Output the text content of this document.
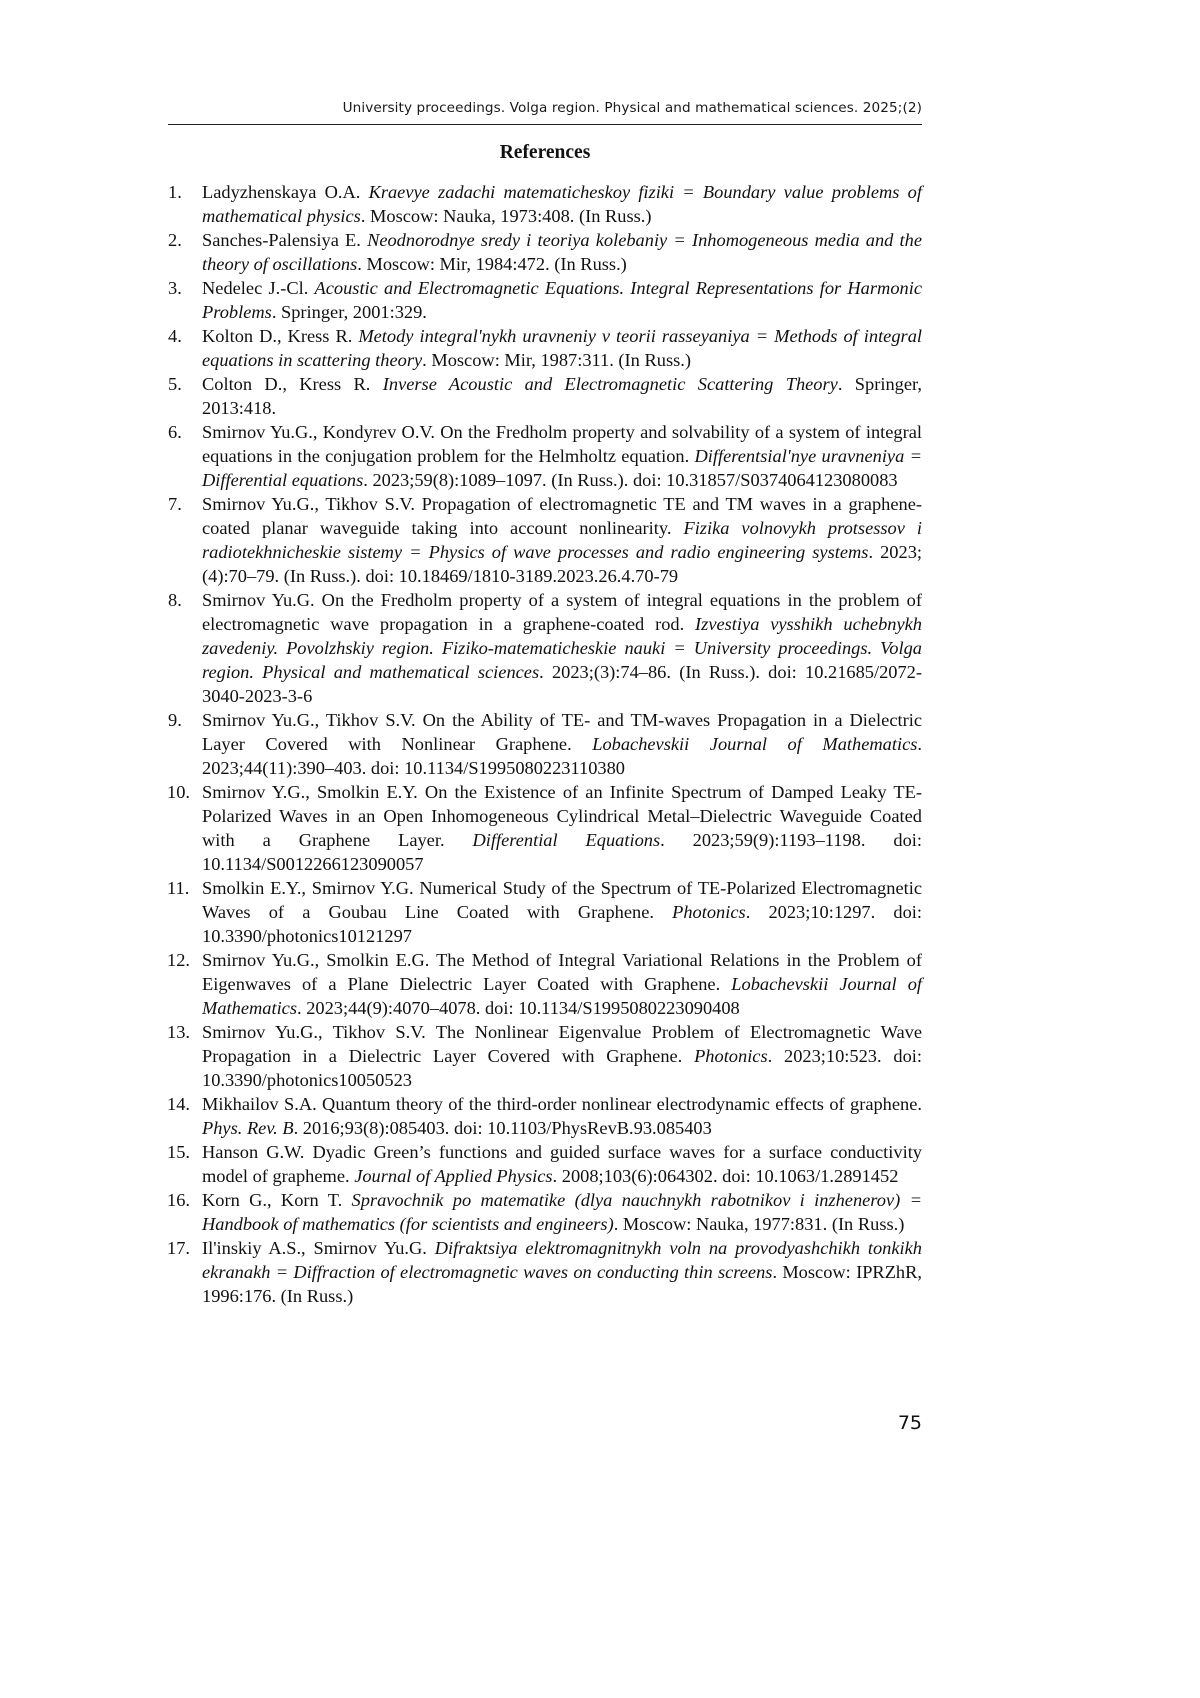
University proceedings. Volga region. Physical and mathematical sciences. 2025;(2)
References
1.	Ladyzhenskaya O.A. Kraevye zadachi matematicheskoy fiziki = Boundary value problems of mathematical physics. Moscow: Nauka, 1973:408. (In Russ.)
2.	Sanches-Palensiya E. Neodnorodnye sredy i teoriya kolebaniy = Inhomogeneous media and the theory of oscillations. Moscow: Mir, 1984:472. (In Russ.)
3.	Nedelec J.-Cl. Acoustic and Electromagnetic Equations. Integral Representations for Harmonic Problems. Springer, 2001:329.
4.	Kolton D., Kress R. Metody integral'nykh uravneniy v teorii rasseyaniya = Methods of integral equations in scattering theory. Moscow: Mir, 1987:311. (In Russ.)
5.	Colton D., Kress R. Inverse Acoustic and Electromagnetic Scattering Theory. Springer, 2013:418.
6.	Smirnov Yu.G., Kondyrev O.V. On the Fredholm property and solvability of a system of integral equations in the conjugation problem for the Helmholtz equation. Differentsial'nye uravneniya = Differential equations. 2023;59(8):1089–1097. (In Russ.). doi: 10.31857/S0374064123080083
7.	Smirnov Yu.G., Tikhov S.V. Propagation of electromagnetic TE and TM waves in a graphene-coated planar waveguide taking into account nonlinearity. Fizika volnovykh protsessov i radiotekhnicheskie sistemy = Physics of wave processes and radio engineering systems. 2023;(4):70–79. (In Russ.). doi: 10.18469/1810-3189.2023.26.4.70-79
8.	Smirnov Yu.G. On the Fredholm property of a system of integral equations in the problem of electromagnetic wave propagation in a graphene-coated rod. Izvestiya vysshikh uchebnykh zavedeniy. Povolzhskiy region. Fiziko-matematicheskie nauki = University proceedings. Volga region. Physical and mathematical sciences. 2023;(3):74–86. (In Russ.). doi: 10.21685/2072-3040-2023-3-6
9.	Smirnov Yu.G., Tikhov S.V. On the Ability of TE- and TM-waves Propagation in a Dielectric Layer Covered with Nonlinear Graphene. Lobachevskii Journal of Mathematics. 2023;44(11):390–403. doi: 10.1134/S1995080223110380
10. Smirnov Y.G., Smolkin E.Y. On the Existence of an Infinite Spectrum of Damped Leaky TE-Polarized Waves in an Open Inhomogeneous Cylindrical Metal–Dielectric Waveguide Coated with a Graphene Layer. Differential Equations. 2023;59(9):1193–1198. doi: 10.1134/S0012266123090057
11. Smolkin E.Y., Smirnov Y.G. Numerical Study of the Spectrum of TE-Polarized Electromagnetic Waves of a Goubau Line Coated with Graphene. Photonics. 2023;10:1297. doi: 10.3390/photonics10121297
12. Smirnov Yu.G., Smolkin E.G. The Method of Integral Variational Relations in the Problem of Eigenwaves of a Plane Dielectric Layer Coated with Graphene. Lobachevskii Journal of Mathematics. 2023;44(9):4070–4078. doi: 10.1134/S1995080223090408
13. Smirnov Yu.G., Tikhov S.V. The Nonlinear Eigenvalue Problem of Electromagnetic Wave Propagation in a Dielectric Layer Covered with Graphene. Photonics. 2023;10:523. doi: 10.3390/photonics10050523
14. Mikhailov S.A. Quantum theory of the third-order nonlinear electrodynamic effects of graphene. Phys. Rev. B. 2016;93(8):085403. doi: 10.1103/PhysRevB.93.085403
15. Hanson G.W. Dyadic Green’s functions and guided surface waves for a surface conductivity model of grapheme. Journal of Applied Physics. 2008;103(6):064302. doi: 10.1063/1.2891452
16. Korn G., Korn T. Spravochnik po matematike (dlya nauchnykh rabotnikov i inzhenerov) = Handbook of mathematics (for scientists and engineers). Moscow: Nauka, 1977:831. (In Russ.)
17. Il'inskiy A.S., Smirnov Yu.G. Difraktsiya elektromagnitnykh voln na provodyashchikh tonkikh ekranakh = Diffraction of electromagnetic waves on conducting thin screens. Moscow: IPRZhR, 1996:176. (In Russ.)
75
